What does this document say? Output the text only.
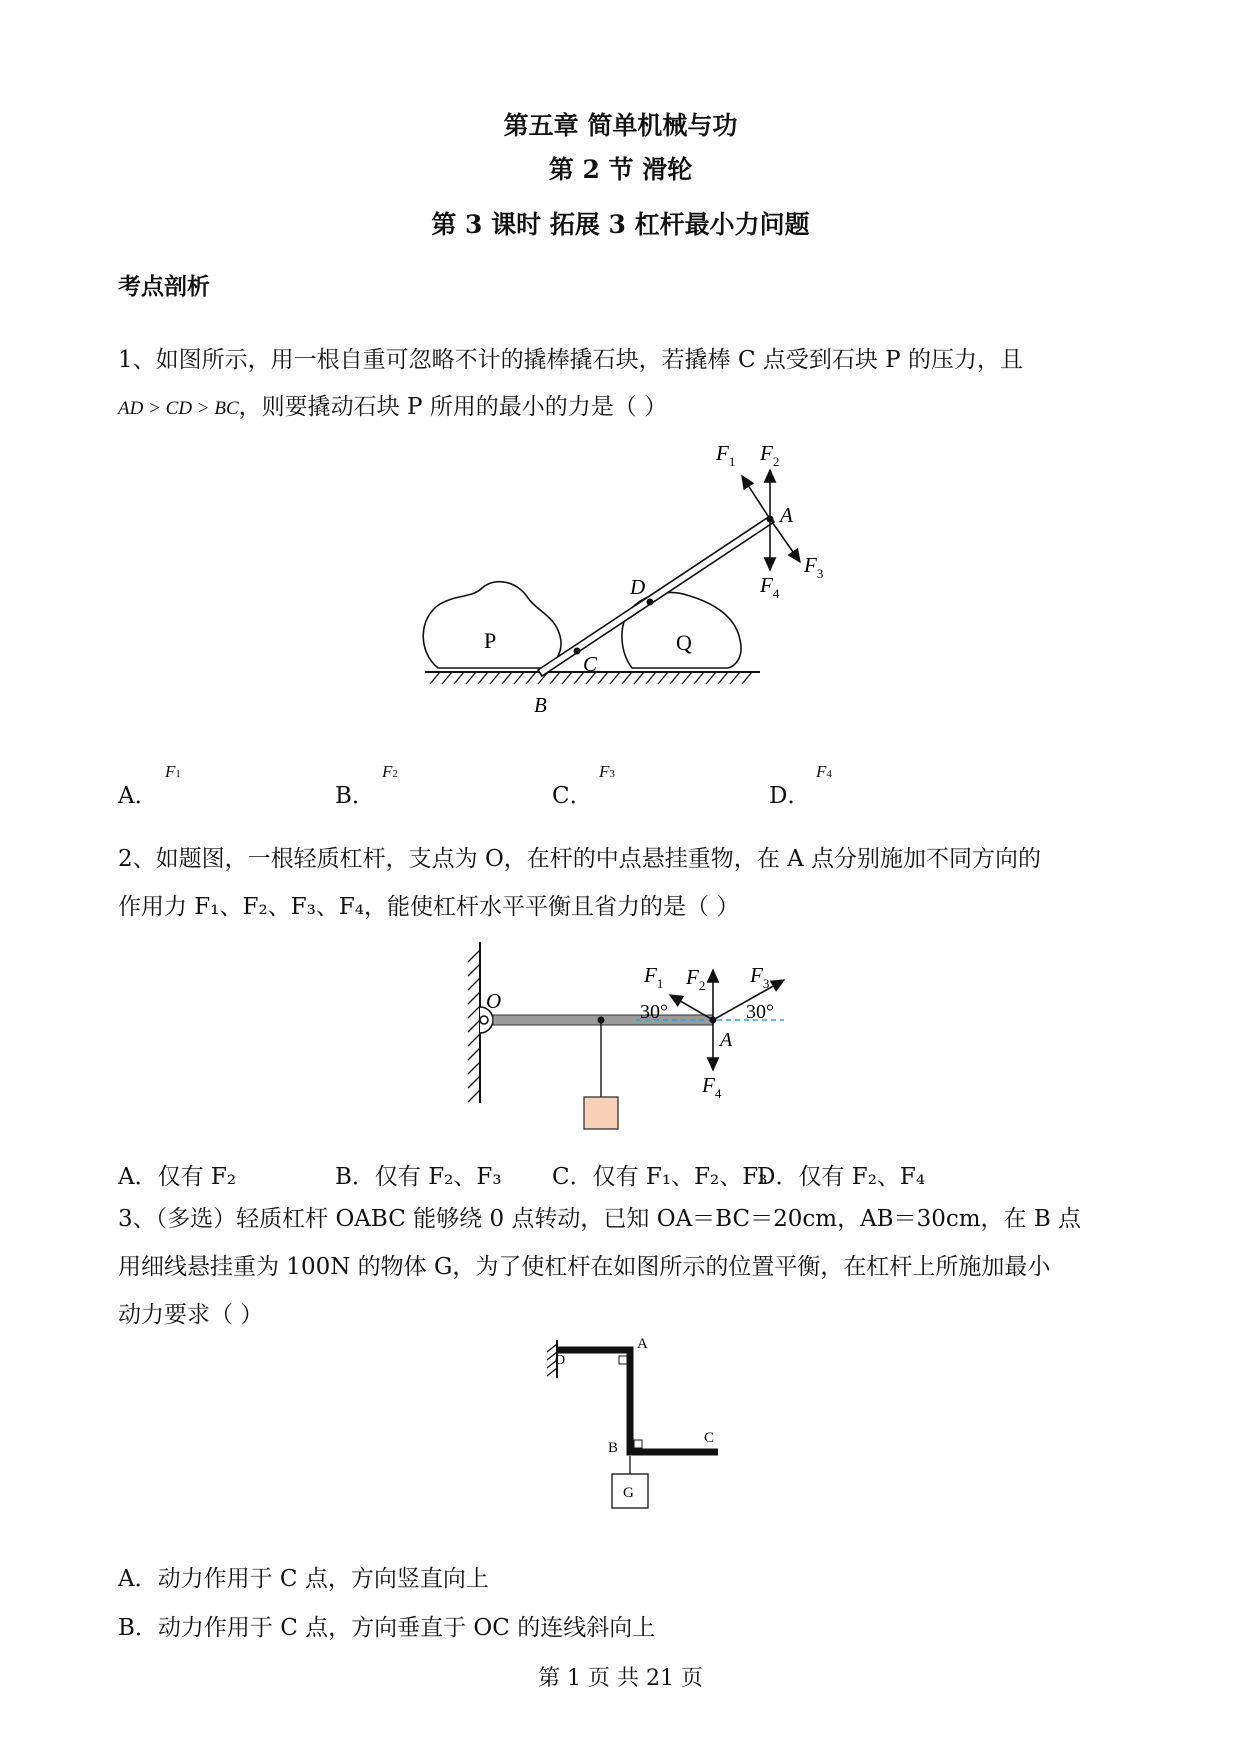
第五章 简单机械与功
第 2 节 滑轮
第 3 课时 拓展 3 杠杆最小力问题
考点剖析
1、如图所示，用一根自重可忽略不计的撬棒撬石块，若撬棒 C 点受到石块 P 的压力，且
AD > CD > BC，则要撬动石块 P 所用的最小的力是（ ）
P	Q
C
D
A
B
$F_1$ $F_2$
$F_3$
$F_4$
A．
F1
B．
F2
C．
F3
D．
F4
2、如题图，一根轻质杠杆，支点为 O，在杆的中点悬挂重物，在 A 点分别施加不同方向的
作用力 F₁、F₂、F₃、F₄，能使杠杆水平平衡且省力的是（ ）
O
A
30°	30°
$F_1$ $F_2$ $F_3$
$F_4$
A．仅有 F₂	B．仅有 F₂、F₃ C．仅有 F₁、F₂、F₃
D．仅有 F₂、F₄
3、（多选）轻质杠杆 OABC 能够绕 0 点转动，已知 OA＝BC＝20cm，AB＝30cm，在 B 点
用细线悬挂重为 100N 的物体 G，为了使杠杆在如图所示的位置平衡，在杠杆上所施加最小
动力要求（ ）
O
A
B
C
G
A．动力作用于 C 点，方向竖直向上
B．动力作用于 C 点，方向垂直于 OC 的连线斜向上
第 1 页 共 21 页
